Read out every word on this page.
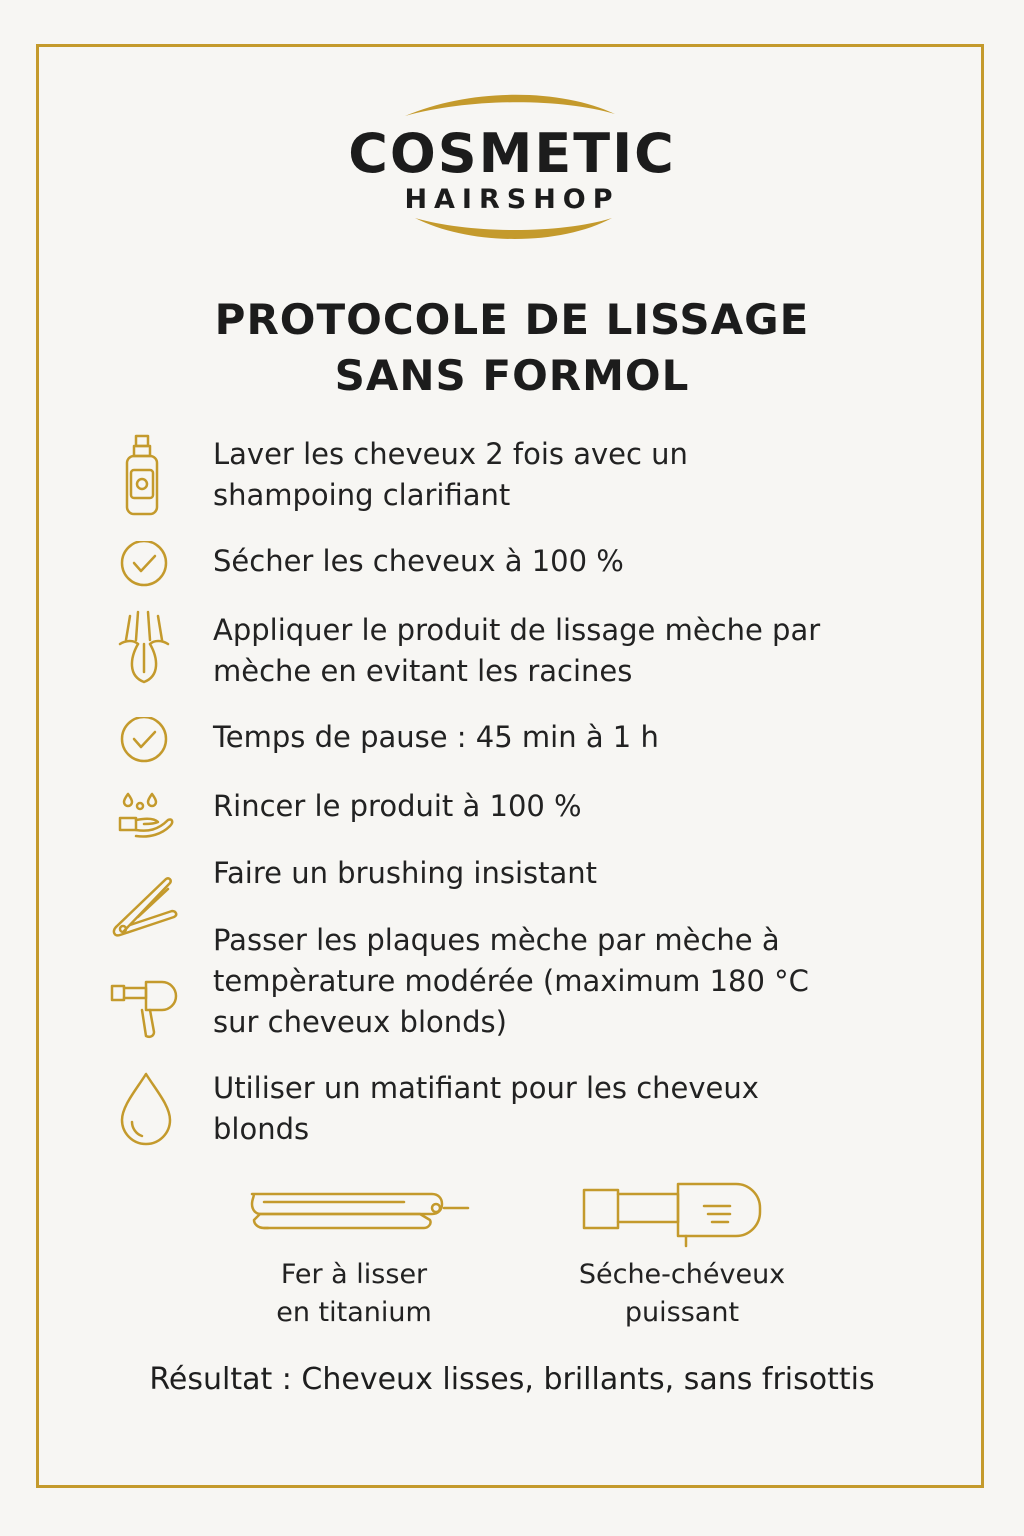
COSMETIC
HAIRSHOP
PROTOCOLE DE LISSAGE
SANS FORMOL
Laver les cheveux 2 fois avec un shampoing clarifiant
Sécher les cheveux à 100 %
Appliquer le produit de lissage mèche par mèche en evitant les racines
Temps de pause : 45 min à 1 h
Rincer le produit à 100 %
Faire un brushing insistant
Passer les plaques mèche par mèche à tempèrature modérée (maximum 180 °C sur cheveux blonds)
Utiliser un matifiant pour les cheveux blonds
Fer à lisser
en titanium
Séche-chéveux
puissant
Résultat : Cheveux lisses, brillants, sans frisottis
